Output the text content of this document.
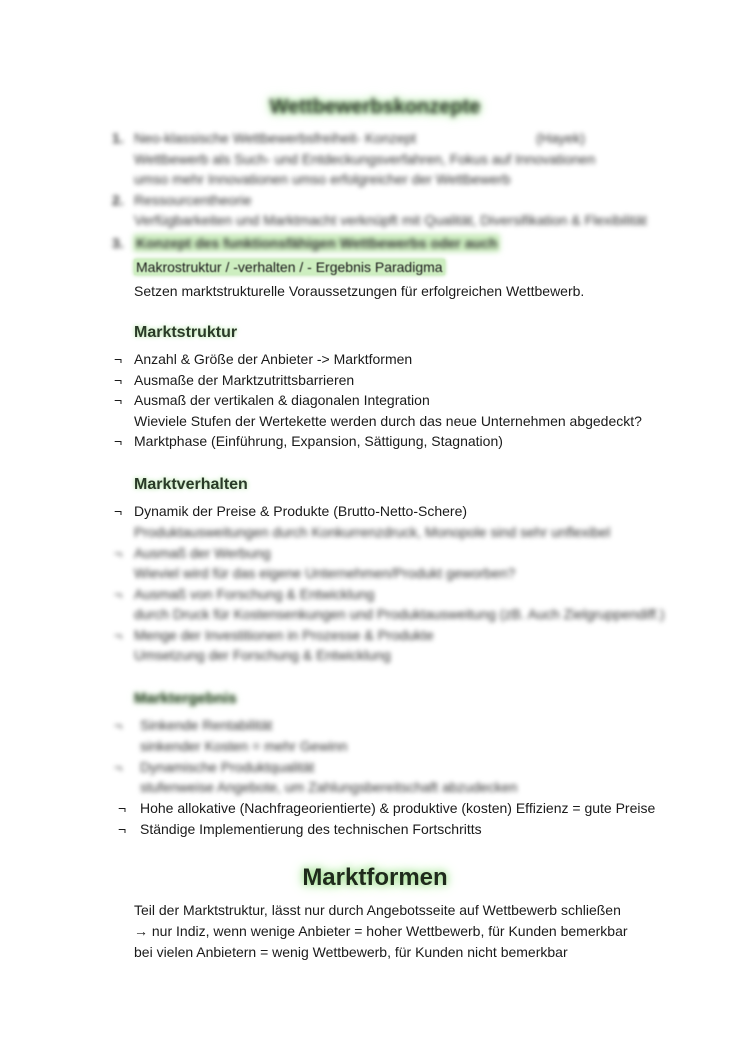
Wettbewerbskonzepte
1. Neo-klassische Wettbewerbsfreiheit- Konzept	(Hayek)
Wettbewerb als Such- und Entdeckungsverfahren, Fokus auf Innovationen
umso mehr Innovationen umso erfolgreicher der Wettbewerb
2. Ressourcentheorie
Verfügbarkeiten und Marktmacht verknüpft mit Qualität, Diversifikation & Flexibilität
3. Konzept des funktionsfähigen Wettbewerbs oder auch
Makrostruktur / -verhalten / - Ergebnis Paradigma
Setzen marktstrukturelle Voraussetzungen für erfolgreichen Wettbewerb.
Marktstruktur
¬ Anzahl & Größe der Anbieter -> Marktformen
¬ Ausmaße der Marktzutrittsbarrieren
¬ Ausmaß der vertikalen & diagonalen Integration
Wieviele Stufen der Wertekette werden durch das neue Unternehmen abgedeckt?
¬ Marktphase (Einführung, Expansion, Sättigung, Stagnation)
Marktverhalten
¬ Dynamik der Preise & Produkte (Brutto-Netto-Schere)
Produktausweitungen durch Konkurrenzdruck, Monopole sind sehr unflexibel
¬ Ausmaß der Werbung
Wieviel wird für das eigene Unternehmen/Produkt geworben?
¬ Ausmaß von Forschung & Entwicklung
durch Druck für Kostensenkungen und Produktausweitung (zB. Auch Zielgruppendiff.)
¬ Menge der Investitionen in Prozesse & Produkte
Umsetzung der Forschung & Entwicklung
Marktergebnis
¬	Sinkende Rentabilität
sinkender Kosten = mehr Gewinn
¬	Dynamische Produktqualität
stufenweise Angebote, um Zahlungsbereitschaft abzudecken
¬ Hohe allokative (Nachfrageorientierte) & produktive (kosten) Effizienz = gute Preise
¬ Ständige Implementierung des technischen Fortschritts
Marktformen
Teil der Marktstruktur, lässt nur durch Angebotsseite auf Wettbewerb schließen
→ nur Indiz, wenn wenige Anbieter = hoher Wettbewerb, für Kunden bemerkbar
bei vielen Anbietern = wenig Wettbewerb, für Kunden nicht bemerkbar
